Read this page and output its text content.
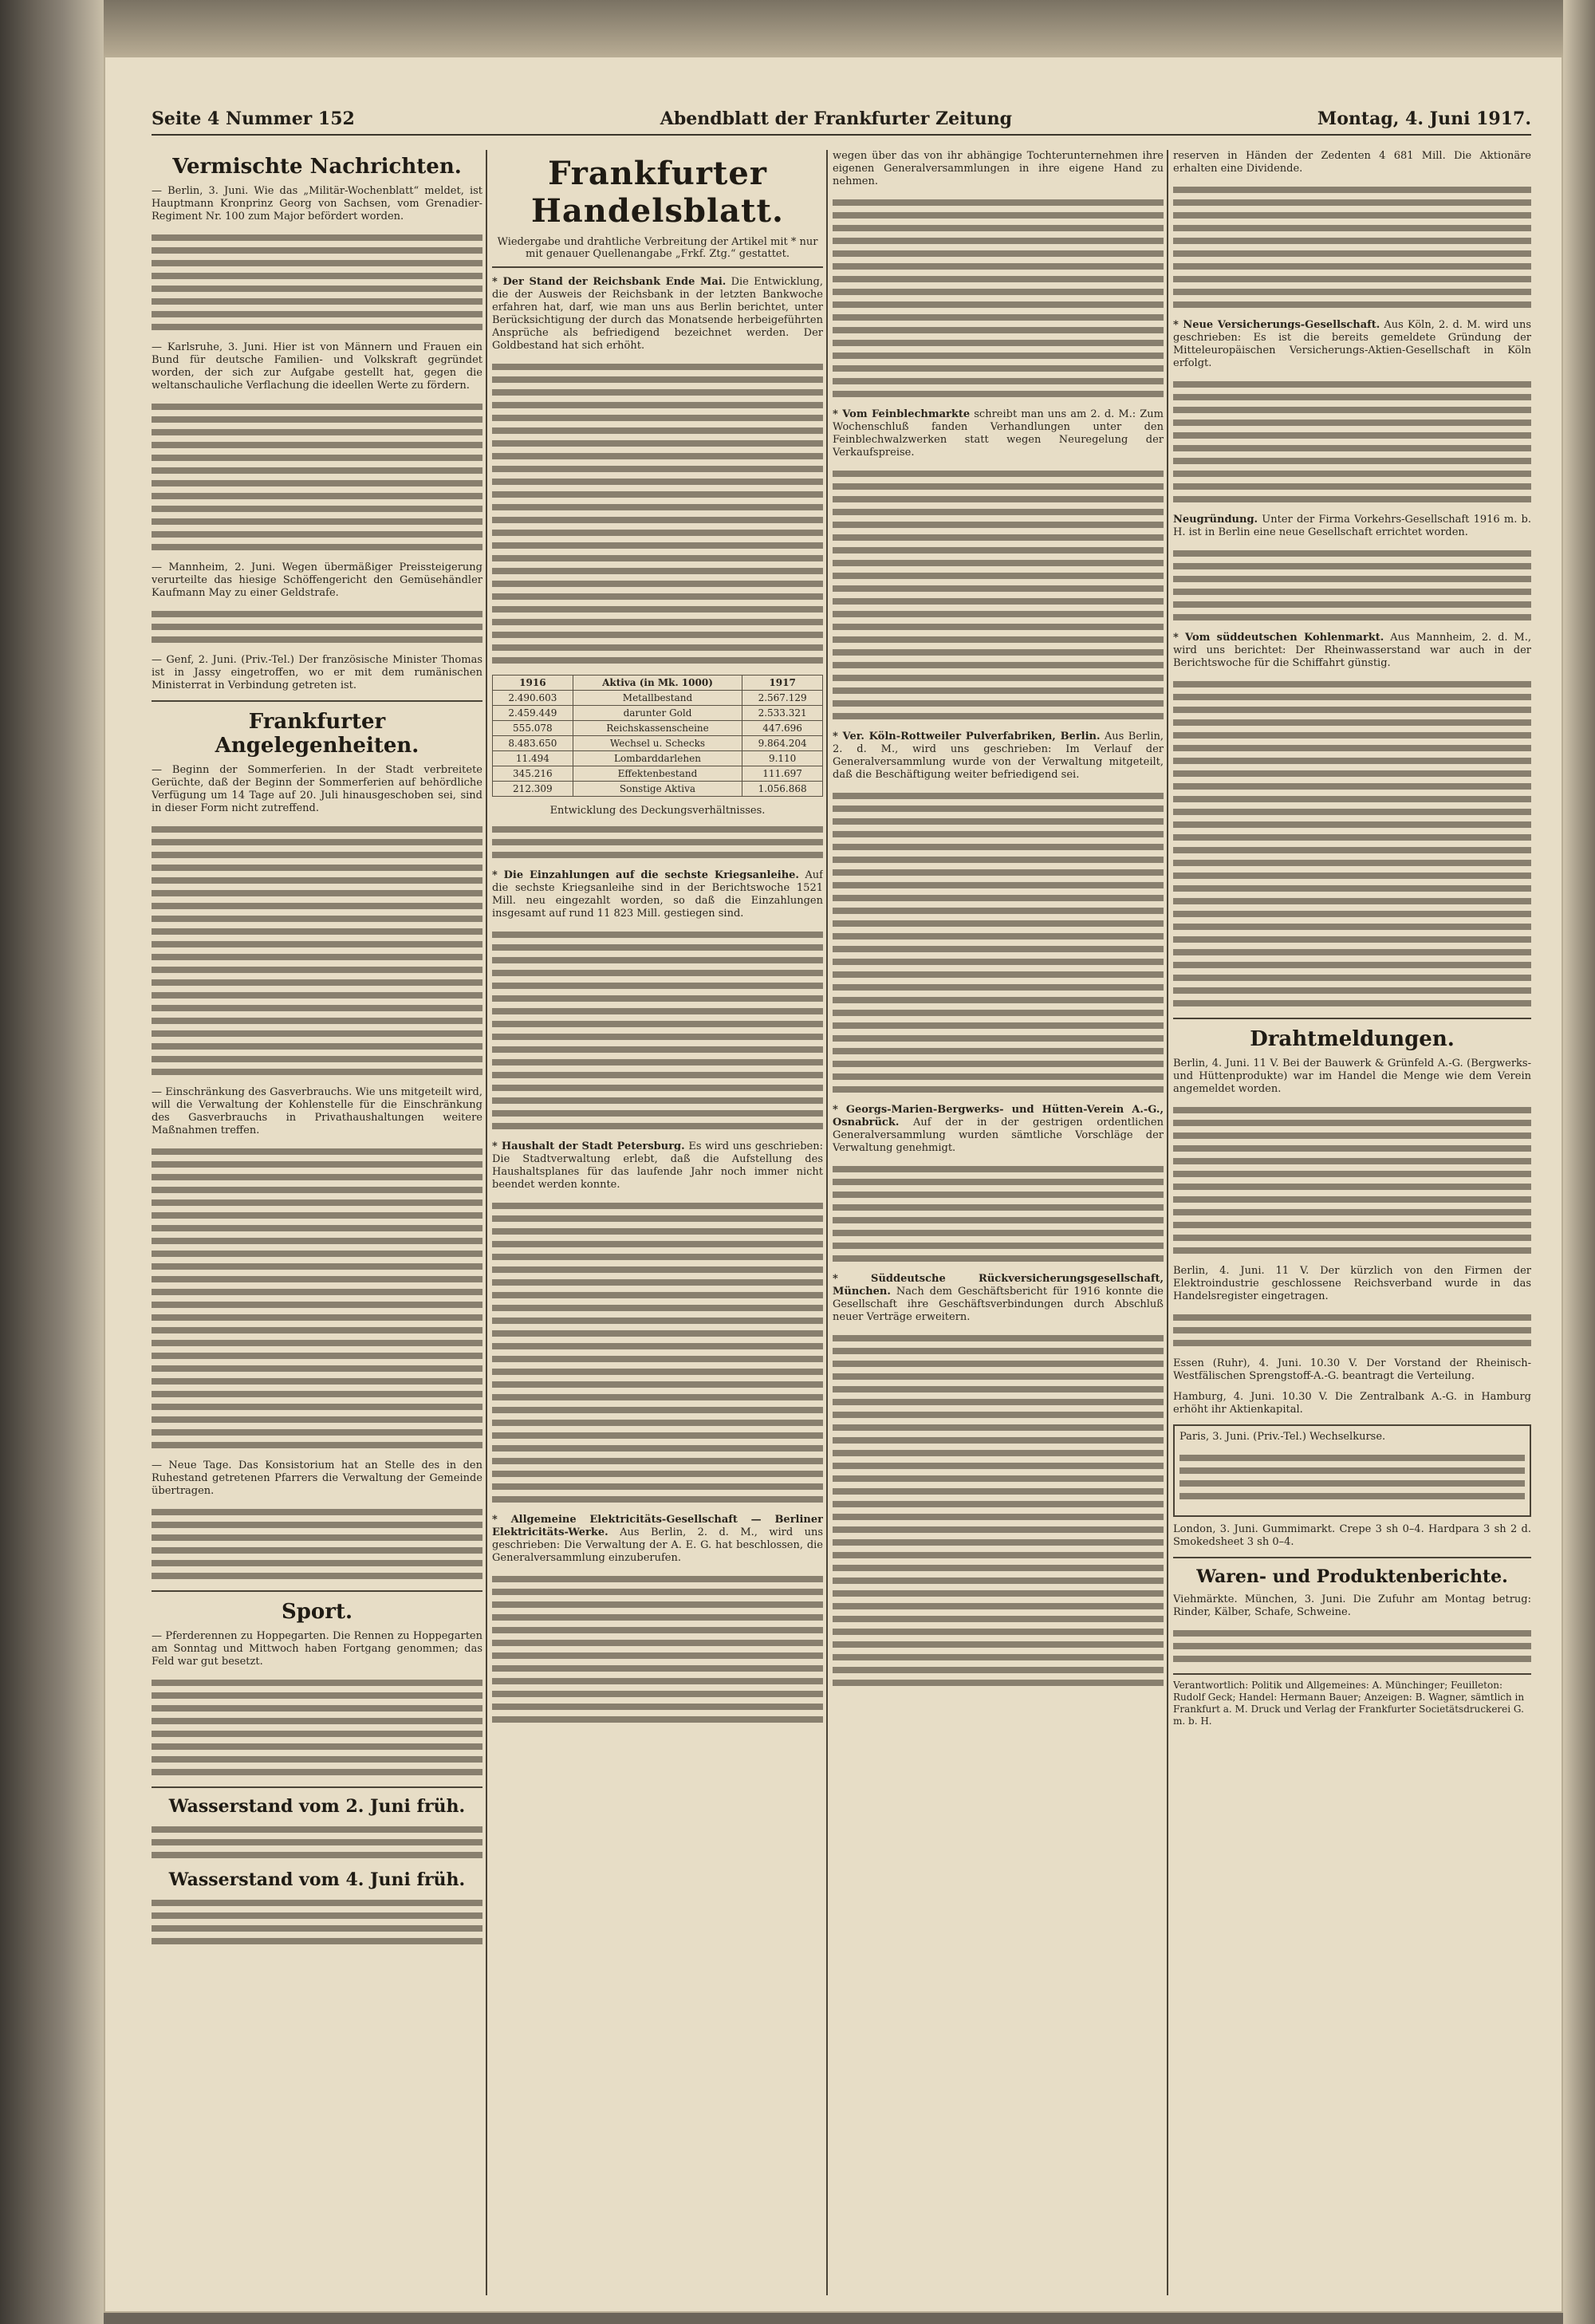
Seite 4 Nummer 152	Abendblatt der Frankfurter Zeitung	Montag, 4. Juni 1917.
Vermischte Nachrichten.

— Berlin, 3. Juni. Wie das „Militär-Wochenblatt“ meldet, ist Hauptmann Kronprinz Georg von Sachsen, vom Grenadier-Regiment Nr. 100 zum Major befördert worden.

— Karlsruhe, 3. Juni. Hier ist von Männern und Frauen ein Bund für deutsche Familien- und Volkskraft gegründet worden, der sich zur Aufgabe gestellt hat, gegen die weltanschauliche Verflachung die ideellen Werte zu fördern.

— Mannheim, 2. Juni. Wegen übermäßiger Preissteigerung verurteilte das hiesige Schöffengericht den Gemüsehändler Kaufmann May zu einer Geldstrafe.

— Genf, 2. Juni. (Priv.-Tel.) Der französische Minister Thomas ist in Jassy eingetroffen, wo er mit dem rumänischen Ministerrat in Verbindung getreten ist.

Frankfurter Angelegenheiten.

— Beginn der Sommerferien. In der Stadt verbreitete Gerüchte, daß der Beginn der Sommerferien auf behördliche Verfügung um 14 Tage auf 20. Juli hinausgeschoben sei, sind in dieser Form nicht zutreffend.

— Einschränkung des Gasverbrauchs. Wie uns mitgeteilt wird, will die Verwaltung der Kohlenstelle für die Einschränkung des Gasverbrauchs in Privathaushaltungen weitere Maßnahmen treffen.

— Neue Tage. Das Konsistorium hat an Stelle des in den Ruhestand getretenen Pfarrers die Verwaltung der Gemeinde übertragen.

Sport.

— Pferderennen zu Hoppegarten. Die Rennen zu Hoppegarten am Sonntag und Mittwoch haben Fortgang genommen; das Feld war gut besetzt.

Wasserstand vom 2. Juni früh.
Wasserstand vom 4. Juni früh.
Frankfurter Handelsblatt.
Wiedergabe und drahtliche Verbreitung der Artikel mit * nur mit genauer Quellenangabe „Frkf. Ztg.“ gestattet.

* Der Stand der Reichsbank Ende Mai. Die Entwicklung, die der Ausweis der Reichsbank in der letzten Bankwoche erfahren hat, darf, wie man uns aus Berlin berichtet, unter Berücksichtigung der durch das Monatsende herbeigeführten Ansprüche als befriedigend bezeichnet werden. Der Goldbestand hat sich erhöht.

1916	Aktiva (in Mk. 1000)	1917
2.490.603	Metallbestand	2.567.129
2.459.449	darunter Gold	2.533.321
555.078	Reichskassenscheine	447.696
8.483.650	Wechsel u. Schecks	9.864.204
11.494	Lombarddarlehen	9.110
345.216	Effektenbestand	111.697
212.309	Sonstige Aktiva	1.056.868
Entwicklung des Deckungsverhältnisses.

* Die Einzahlungen auf die sechste Kriegsanleihe. Auf die sechste Kriegsanleihe sind in der Berichtswoche 1521 Mill. neu eingezahlt worden, so daß die Einzahlungen insgesamt auf rund 11 823 Mill. gestiegen sind.

* Haushalt der Stadt Petersburg. Es wird uns geschrieben: Die Stadtverwaltung erlebt, daß die Aufstellung des Haushaltsplanes für das laufende Jahr noch immer nicht beendet werden konnte.

* Allgemeine Elektricitäts-Gesellschaft — Berliner Elektricitäts-Werke. Aus Berlin, 2. d. M., wird uns geschrieben: Die Verwaltung der A. E. G. hat beschlossen, die Generalversammlung einzuberufen.

wegen über das von ihr abhängige Tochterunternehmen ihre eigenen Generalversammlungen in ihre eigene Hand zu nehmen.

* Vom Feinblechmarkte schreibt man uns am 2. d. M.: Zum Wochenschluß fanden Verhandlungen unter den Feinblechwalzwerken statt wegen Neuregelung der Verkaufspreise.

* Ver. Köln-Rottweiler Pulverfabriken, Berlin. Aus Berlin, 2. d. M., wird uns geschrieben: Im Verlauf der Generalversammlung wurde von der Verwaltung mitgeteilt, daß die Beschäftigung weiter befriedigend sei.

* Georgs-Marien-Bergwerks- und Hütten-Verein A.-G., Osnabrück. Auf der in der gestrigen ordentlichen Generalversammlung wurden sämtliche Vorschläge der Verwaltung genehmigt.

* Süddeutsche Rückversicherungsgesellschaft, München. Nach dem Geschäftsbericht für 1916 konnte die Gesellschaft ihre Geschäftsverbindungen durch Abschluß neuer Verträge erweitern.

reserven in Händen der Zedenten 4 681 Mill. Die Aktionäre erhalten eine Dividende.

* Neue Versicherungs-Gesellschaft. Aus Köln, 2. d. M. wird uns geschrieben: Es ist die bereits gemeldete Gründung der Mitteleuropäischen Versicherungs-Aktien-Gesellschaft in Köln erfolgt.

Neugründung. Unter der Firma Vorkehrs-Gesellschaft 1916 m. b. H. ist in Berlin eine neue Gesellschaft errichtet worden.

* Vom süddeutschen Kohlenmarkt. Aus Mannheim, 2. d. M., wird uns berichtet: Der Rheinwasserstand war auch in der Berichtswoche für die Schiffahrt günstig.

Drahtmeldungen.

Berlin, 4. Juni. 11 V. Bei der Bauwerk & Grünfeld A.-G. (Bergwerks- und Hüttenprodukte) war im Handel die Menge wie dem Verein angemeldet worden.

Berlin, 4. Juni. 11 V. Der kürzlich von den Firmen der Elektroindustrie geschlossene Reichsverband wurde in das Handelsregister eingetragen.

Essen (Ruhr), 4. Juni. 10.30 V. Der Vorstand der Rheinisch-Westfälischen Sprengstoff-A.-G. beantragt die Verteilung.

Hamburg, 4. Juni. 10.30 V. Die Zentralbank A.-G. in Hamburg erhöht ihr Aktienkapital.

Paris, 3. Juni. (Priv.-Tel.) Wechselkurse.

London, 3. Juni. Gummimarkt. Crepe 3 sh 0–4. Hardpara 3 sh 2 d. Smokedsheet 3 sh 0–4.

Waren- und Produktenberichte.

Viehmärkte. München, 3. Juni. Die Zufuhr am Montag betrug: Rinder, Kälber, Schafe, Schweine.

Verantwortlich: Politik und Allgemeines: A. Münchinger; Feuilleton: Rudolf Geck; Handel: Hermann Bauer; Anzeigen: B. Wagner, sämtlich in Frankfurt a. M. Druck und Verlag der Frankfurter Societätsdruckerei G. m. b. H.
